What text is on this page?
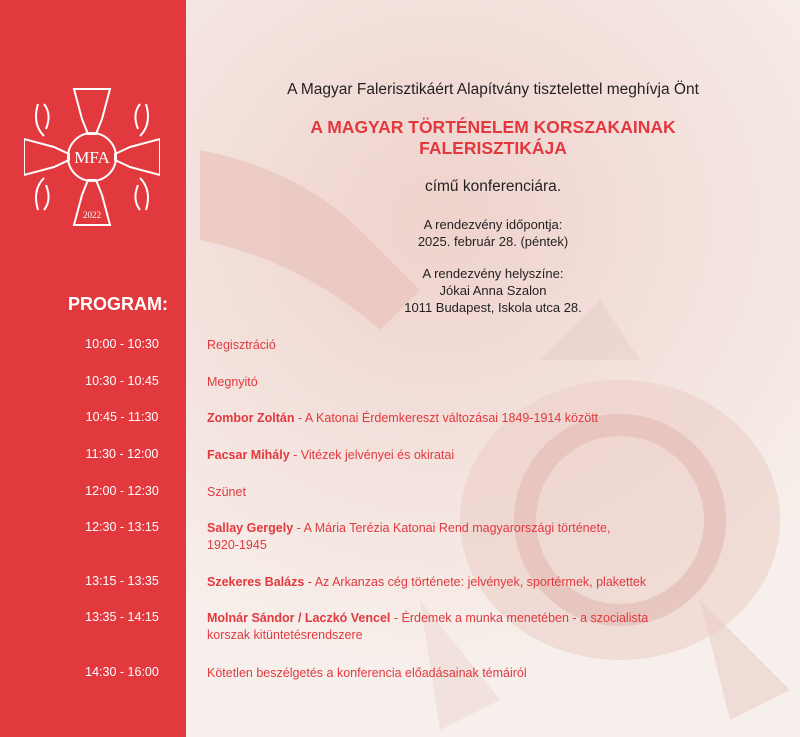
MFA
2022
A Magyar Falerisztikáért Alapítvány tisztelettel meghívja Önt
A MAGYAR TÖRTÉNELEM KORSZAKAINAK
FALERISZTIKÁJA
című konferenciára.
A rendezvény időpontja:
2025. február 28. (péntek)
A rendezvény helyszíne:
Jókai Anna Szalon
1011 Budapest, Iskola utca 28.
PROGRAM:
10:00 - 10:30	Regisztráció
10:30 - 10:45	Megnyitó
10:45 - 11:30	Zombor Zoltán - A Katonai Érdemkereszt változásai 1849-1914 között
11:30 - 12:00	Facsar Mihály - Vitézek jelvényei és okiratai
12:00 - 12:30	Szünet
12:30 - 13:15	Sallay Gergely - A Mária Terézia Katonai Rend magyarországi története,
1920-1945
13:15 - 13:35	Szekeres Balázs - Az Arkanzas cég története: jelvények, sportérmek, plakettek
13:35 - 14:15	Molnár Sándor / Laczkó Vencel - Érdemek a munka menetében - a szocialista
korszak kitüntetésrendszere
14:30 - 16:00	Kötetlen beszélgetés a konferencia előadásainak témáiról
